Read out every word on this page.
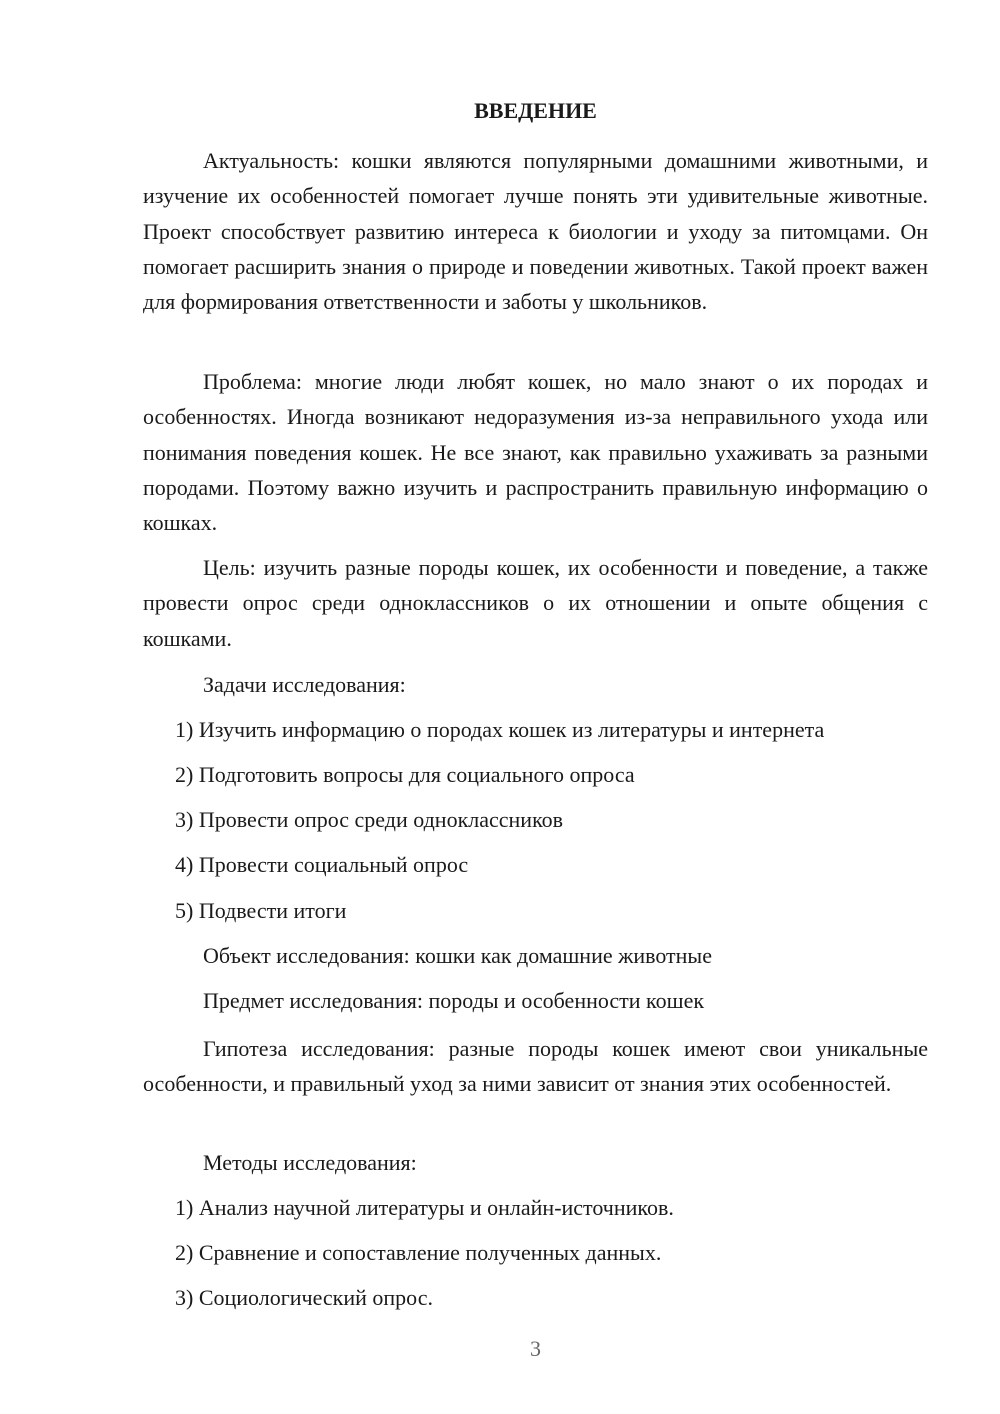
ВВЕДЕНИЕ

Актуальность: кошки являются популярными домашними животными, и изучение их особенностей помогает лучше понять эти удивительные животные. Проект способствует развитию интереса к биологии и уходу за питомцами. Он помогает расширить знания о природе и поведении животных. Такой проект важен для формирования ответственности и заботы у школьников.

Проблема: многие люди любят кошек, но мало знают о их породах и особенностях. Иногда возникают недоразумения из-за неправильного ухода или понимания поведения кошек. Не все знают, как правильно ухаживать за разными породами. Поэтому важно изучить и распространить правильную информацию о кошках.

Цель: изучить разные породы кошек, их особенности и поведение, а также провести опрос среди одноклассников о их отношении и опыте общения с кошками.

Задачи исследования:
1) Изучить информацию о породах кошек из литературы и интернета
2) Подготовить вопросы для социального опроса
3) Провести опрос среди одноклассников
4) Провести социальный опрос
5) Подвести итоги
Объект исследования: кошки как домашние животные
Предмет исследования: породы и особенности кошек

Гипотеза исследования: разные породы кошек имеют свои уникальные особенности, и правильный уход за ними зависит от знания этих особенностей.

Методы исследования:
1) Анализ научной литературы и онлайн-источников.
2) Сравнение и сопоставление полученных данных.
3) Социологический опрос.
3
